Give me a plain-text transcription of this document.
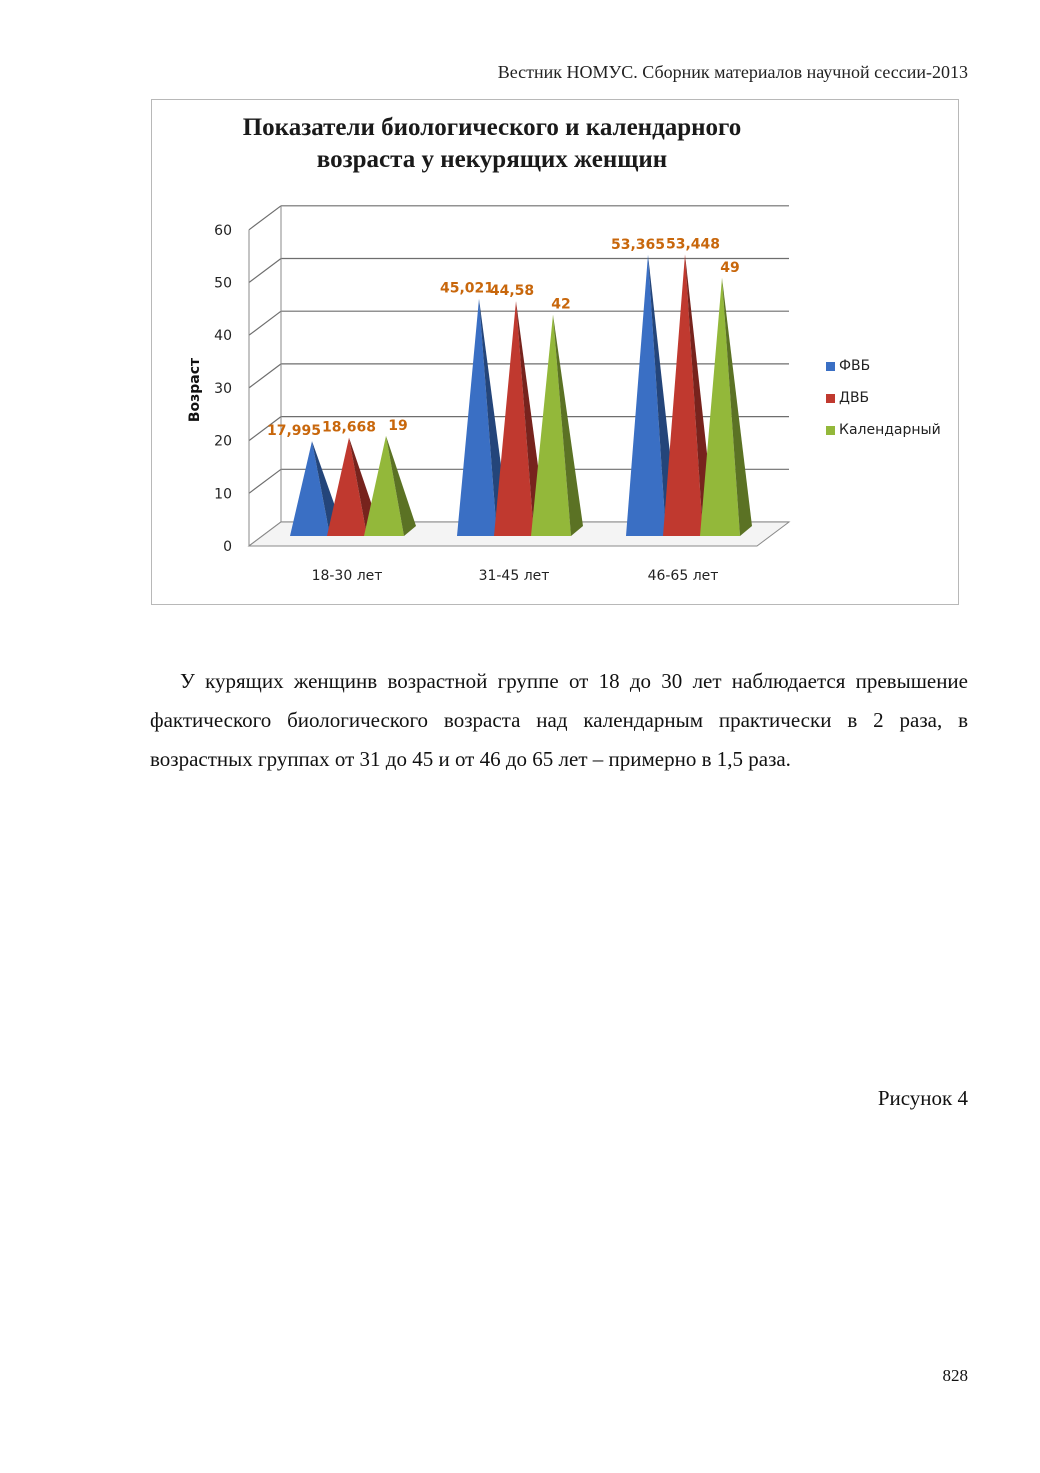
Вестник НОМУС. Сборник материалов научной сессии-2013
Показатели биологического и календарного
возраста у некурящих женщин
0
10
20
30
40
50
60
Возраст
17,995 18,668 19
18-30 лет
45,021
44,58
42
31-45 лет
53,365 53,448
49
46-65 лет
ФВБ
ДВБ
Календарный

У курящих женщинв возрастной группе от 18 до 30 лет наблюдается превышение фактического биологического возраста над календарным практически в 2 раза, в возрастных группах от 31 до 45 и от 46 до 65 лет – примерно в 1,5 раза.

Рисунок 4
828
